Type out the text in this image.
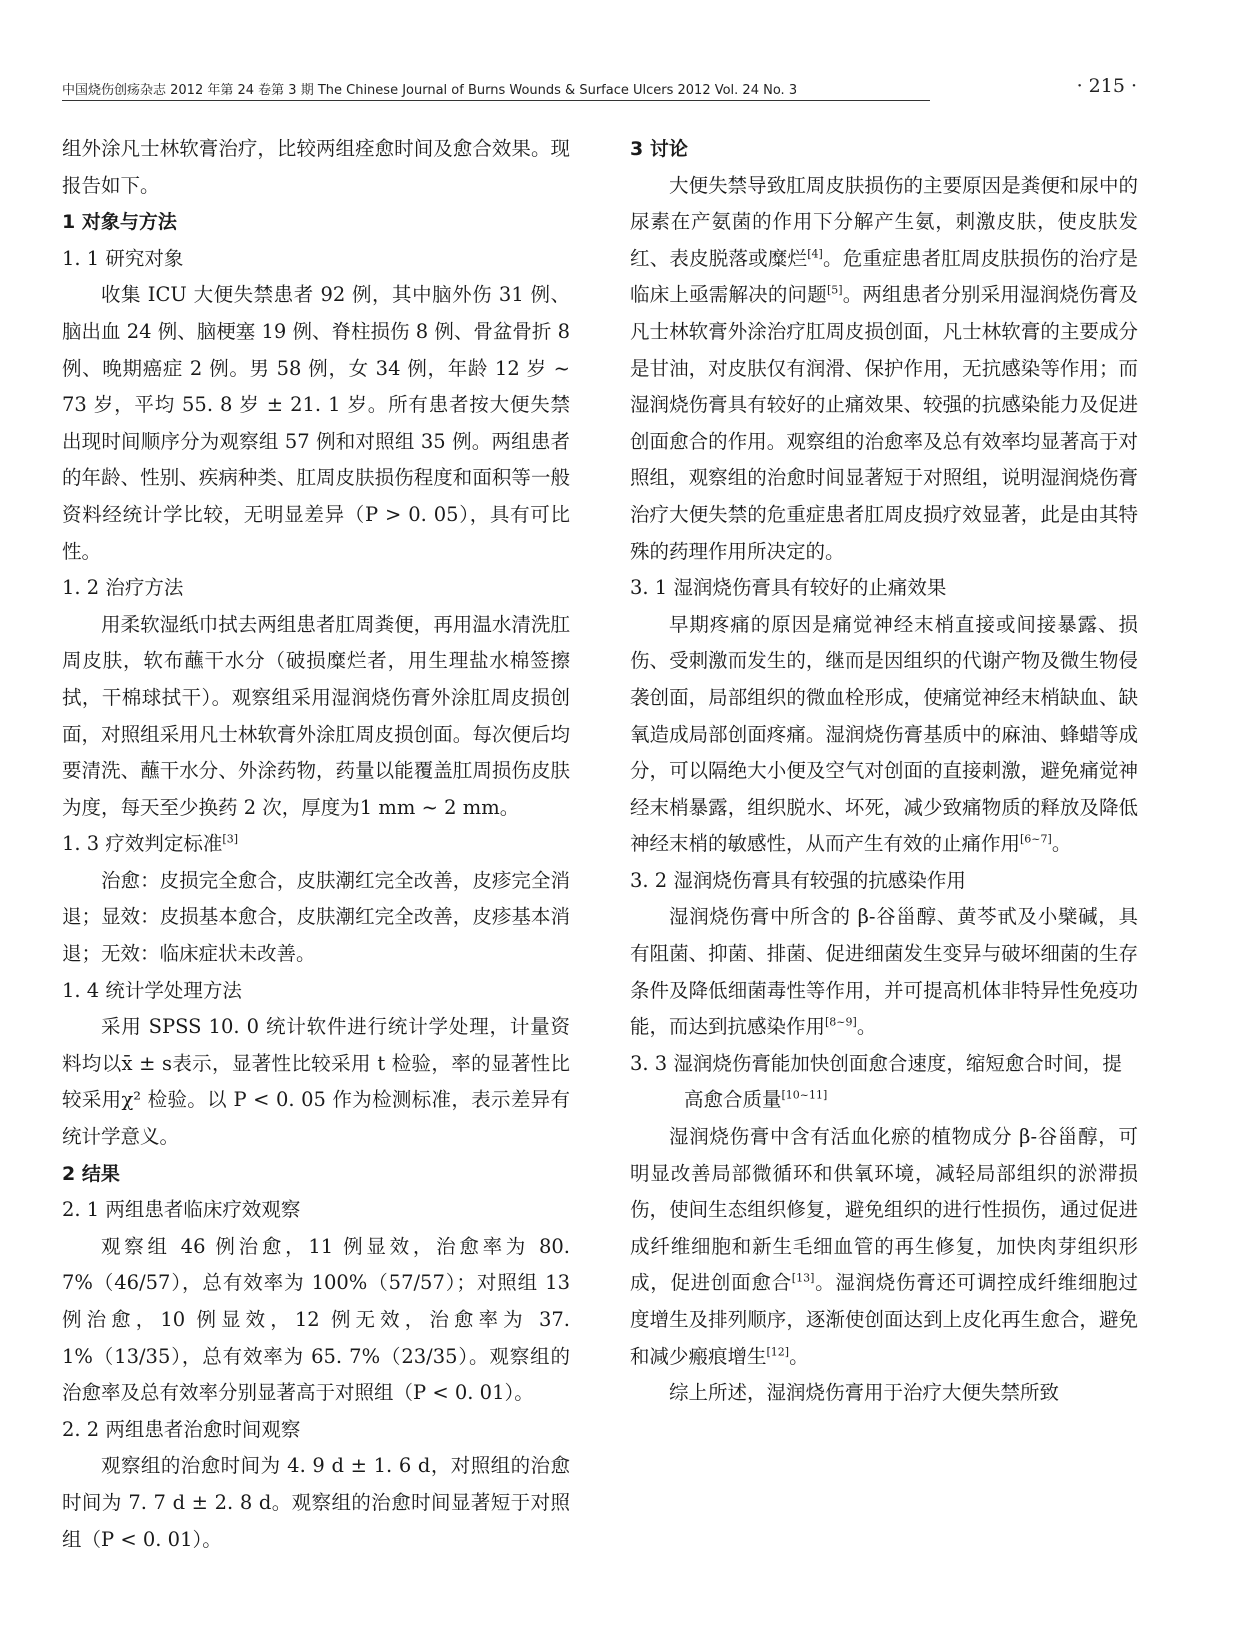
中国烧伤创疡杂志 2012 年第 24 卷第 3 期 The Chinese Journal of Burns Wounds & Surface Ulcers 2012 Vol. 24 No. 3	· 215 ·

组外涂凡士林软膏治疗，比较两组痊愈时间及愈合效果。现报告如下。

1 对象与方法
1. 1 研究对象

收集 ICU 大便失禁患者 92 例，其中脑外伤 31 例、脑出血 24 例、脑梗塞 19 例、脊柱损伤 8 例、骨盆骨折 8 例、晚期癌症 2 例。男 58 例，女 34 例，年龄 12 岁 ~ 73 岁，平均 55. 8 岁 ± 21. 1 岁。所有患者按大便失禁出现时间顺序分为观察组 57 例和对照组 35 例。两组患者的年龄、性别、疾病种类、肛周皮肤损伤程度和面积等一般资料经统计学比较，无明显差异（P > 0. 05），具有可比性。

1. 2 治疗方法

用柔软湿纸巾拭去两组患者肛周粪便，再用温水清洗肛周皮肤，软布蘸干水分（破损糜烂者，用生理盐水棉签擦拭，干棉球拭干）。观察组采用湿润烧伤膏外涂肛周皮损创面，对照组采用凡士林软膏外涂肛周皮损创面。每次便后均要清洗、蘸干水分、外涂药物，药量以能覆盖肛周损伤皮肤为度，每天至少换药 2 次，厚度为1 mm ~ 2 mm。

1. 3 疗效判定标准[3]

治愈：皮损完全愈合，皮肤潮红完全改善，皮疹完全消退；显效：皮损基本愈合，皮肤潮红完全改善，皮疹基本消退；无效：临床症状未改善。

1. 4 统计学处理方法

采用 SPSS 10. 0 统计软件进行统计学处理，计量资料均以x̄ ± s表示，显著性比较采用 t 检验，率的显著性比较采用χ² 检验。以 P < 0. 05 作为检测标准，表示差异有统计学意义。

2 结果
2. 1 两组患者临床疗效观察

观察组 46 例治愈，11 例显效，治愈率为 80. 7%（46/57），总有效率为 100%（57/57）；对照组 13 例治愈，10 例显效，12 例无效，治愈率为 37. 1%（13/35），总有效率为 65. 7%（23/35）。观察组的治愈率及总有效率分别显著高于对照组（P < 0. 01）。

2. 2 两组患者治愈时间观察

观察组的治愈时间为 4. 9 d ± 1. 6 d，对照组的治愈时间为 7. 7 d ± 2. 8 d。观察组的治愈时间显著短于对照组（P < 0. 01）。

3 讨论

大便失禁导致肛周皮肤损伤的主要原因是粪便和尿中的尿素在产氨菌的作用下分解产生氨，刺激皮肤，使皮肤发红、表皮脱落或糜烂[4]。危重症患者肛周皮肤损伤的治疗是临床上亟需解决的问题[5]。两组患者分别采用湿润烧伤膏及凡士林软膏外涂治疗肛周皮损创面，凡士林软膏的主要成分是甘油，对皮肤仅有润滑、保护作用，无抗感染等作用；而湿润烧伤膏具有较好的止痛效果、较强的抗感染能力及促进创面愈合的作用。观察组的治愈率及总有效率均显著高于对照组，观察组的治愈时间显著短于对照组，说明湿润烧伤膏治疗大便失禁的危重症患者肛周皮损疗效显著，此是由其特殊的药理作用所决定的。

3. 1 湿润烧伤膏具有较好的止痛效果

早期疼痛的原因是痛觉神经末梢直接或间接暴露、损伤、受刺激而发生的，继而是因组织的代谢产物及微生物侵袭创面，局部组织的微血栓形成，使痛觉神经末梢缺血、缺氧造成局部创面疼痛。湿润烧伤膏基质中的麻油、蜂蜡等成分，可以隔绝大小便及空气对创面的直接刺激，避免痛觉神经末梢暴露，组织脱水、坏死，减少致痛物质的释放及降低神经末梢的敏感性，从而产生有效的止痛作用[6~7]。

3. 2 湿润烧伤膏具有较强的抗感染作用

湿润烧伤膏中所含的 β-谷甾醇、黄芩甙及小檗碱，具有阻菌、抑菌、排菌、促进细菌发生变异与破坏细菌的生存条件及降低细菌毒性等作用，并可提高机体非特异性免疫功能，而达到抗感染作用[8~9]。

3. 3 湿润烧伤膏能加快创面愈合速度，缩短愈合时间，提高愈合质量[10~11]

湿润烧伤膏中含有活血化瘀的植物成分 β-谷甾醇，可明显改善局部微循环和供氧环境，减轻局部组织的淤滞损伤，使间生态组织修复，避免组织的进行性损伤，通过促进成纤维细胞和新生毛细血管的再生修复，加快肉芽组织形成，促进创面愈合[13]。湿润烧伤膏还可调控成纤维细胞过度增生及排列顺序，逐渐使创面达到上皮化再生愈合，避免和减少瘢痕增生[12]。

综上所述，湿润烧伤膏用于治疗大便失禁所致
